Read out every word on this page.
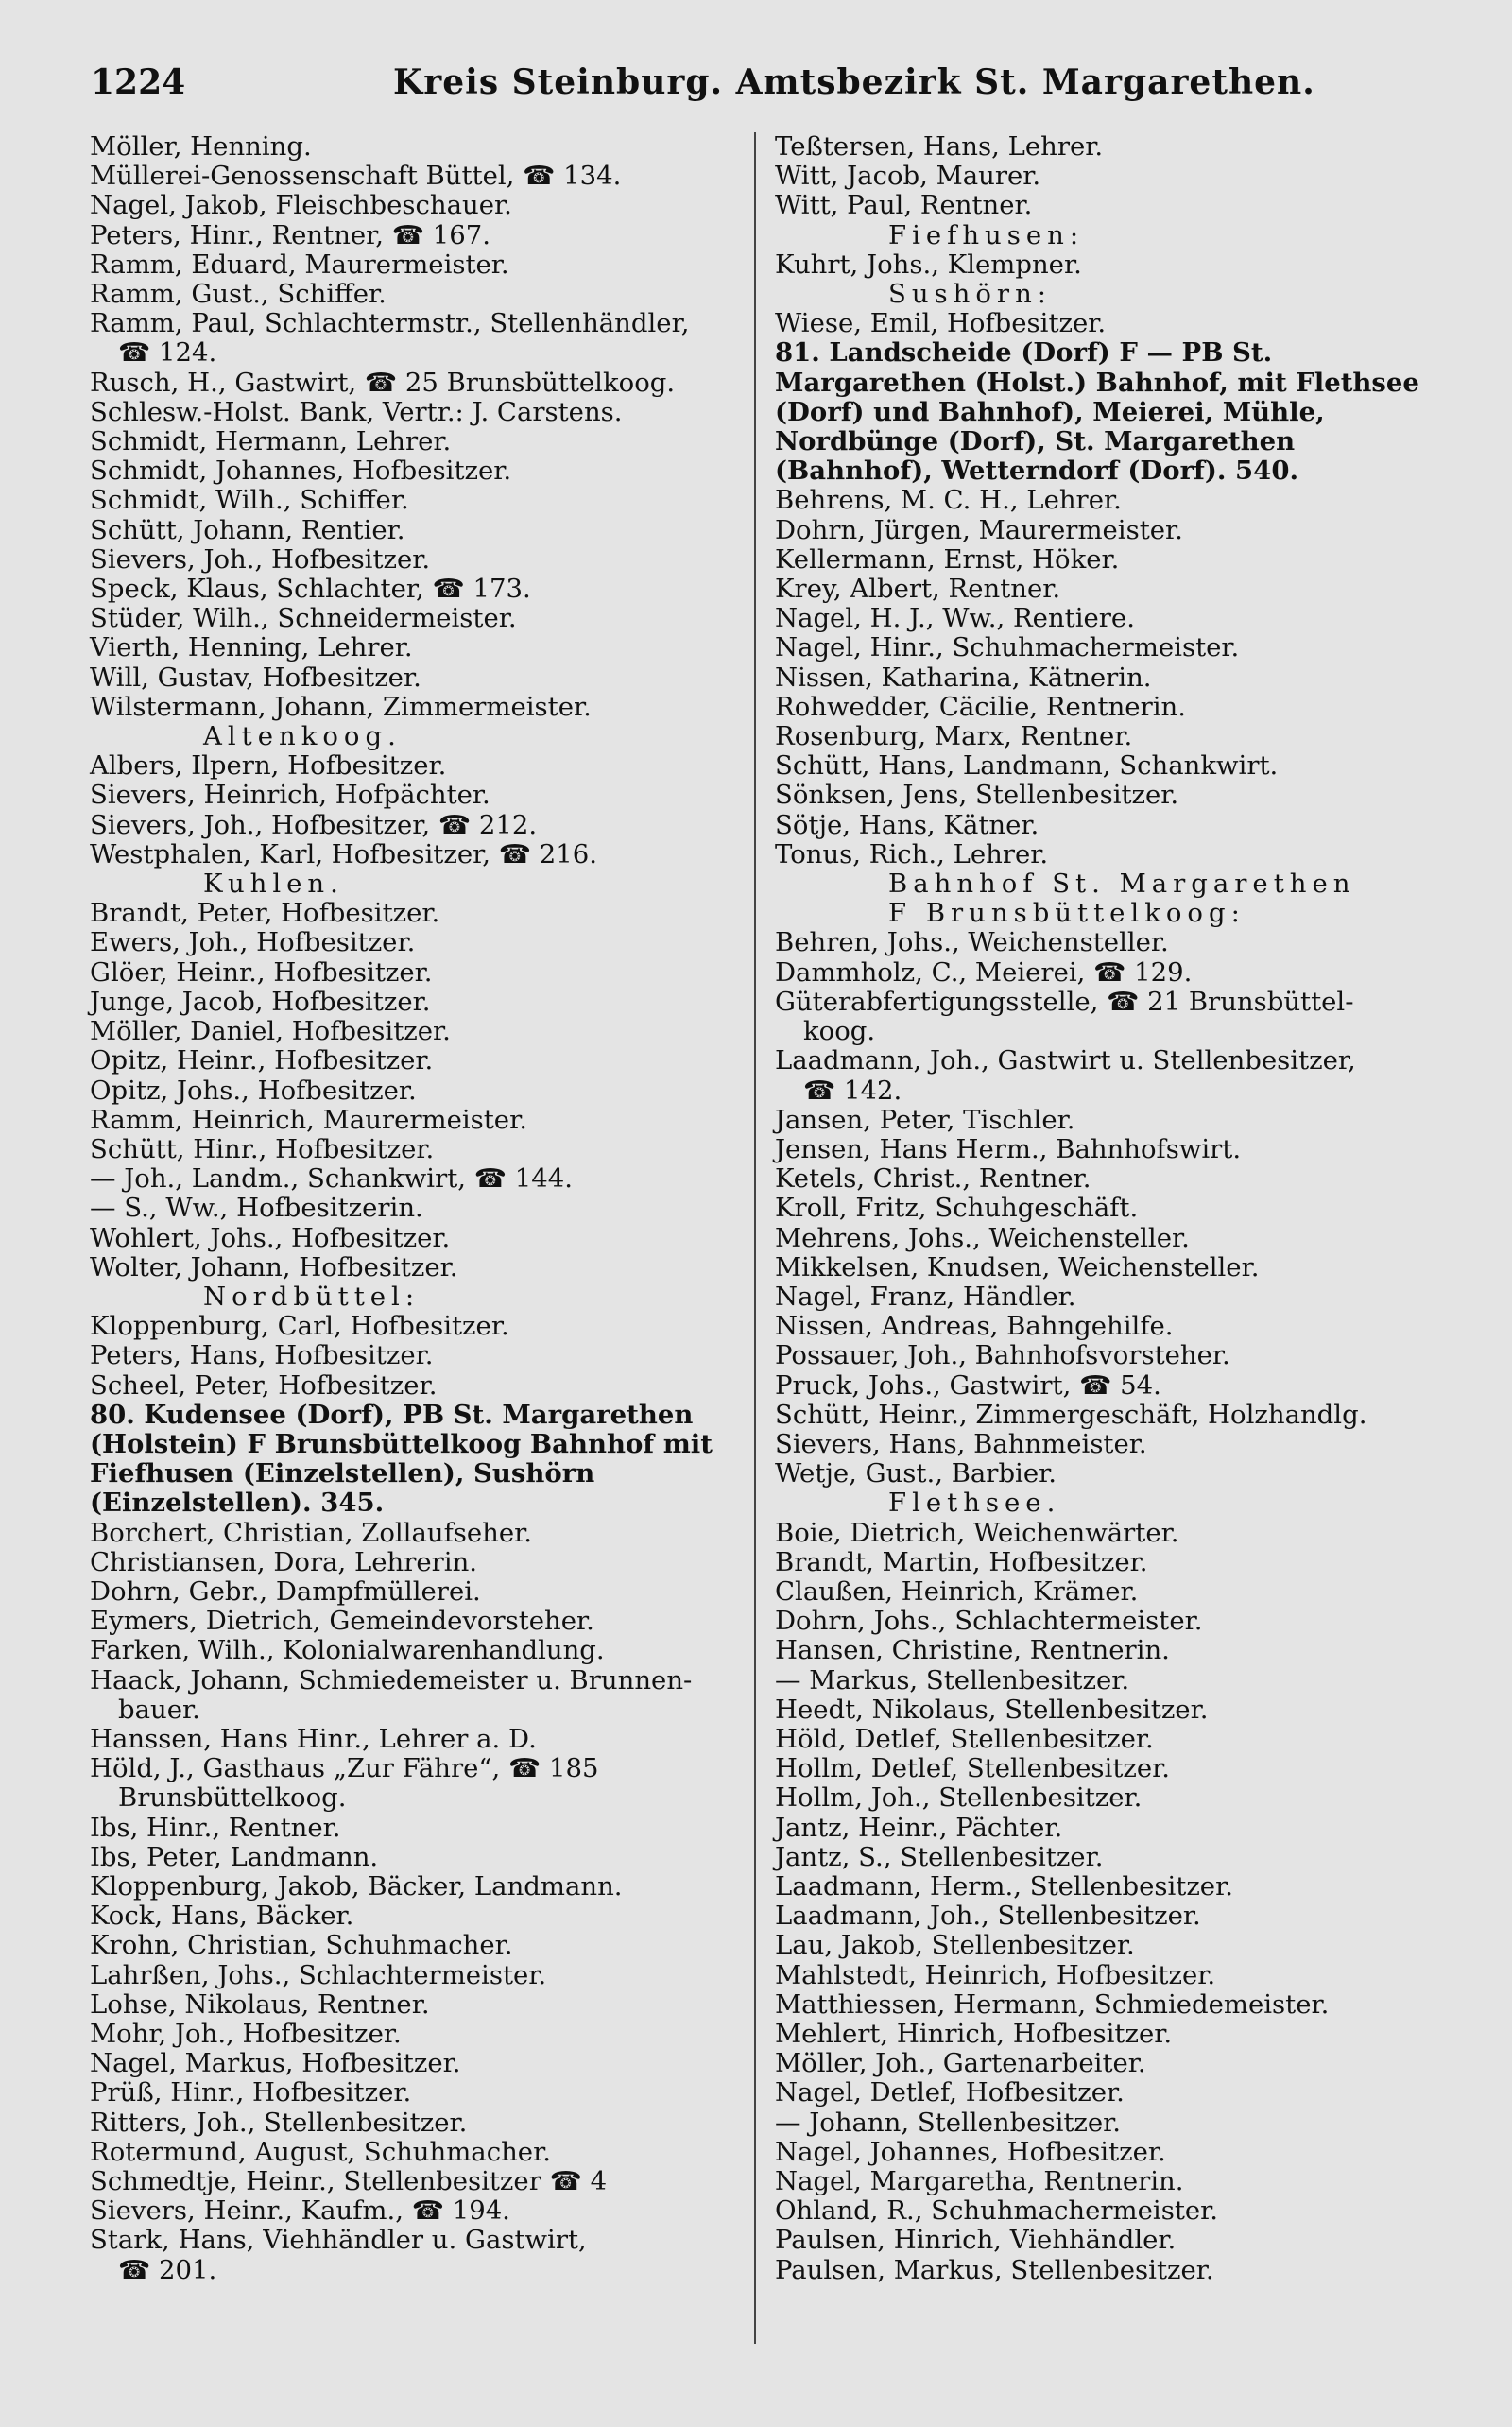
1224	Kreis Steinburg. Amtsbezirk St. Margarethen.

Möller, Henning.

Müllerei-Genossenschaft Büttel, ☎ 134.

Nagel, Jakob, Fleischbeschauer.

Peters, Hinr., Rentner, ☎ 167.

Ramm, Eduard, Maurermeister.

Ramm, Gust., Schiffer.

Ramm, Paul, Schlachtermstr., Stellenhändler,

☎ 124.

Rusch, H., Gastwirt, ☎ 25 Brunsbüttelkoog.

Schlesw.-Holst. Bank, Vertr.: J. Carstens.

Schmidt, Hermann, Lehrer.

Schmidt, Johannes, Hofbesitzer.

Schmidt, Wilh., Schiffer.

Schütt, Johann, Rentier.

Sievers, Joh., Hofbesitzer.

Speck, Klaus, Schlachter, ☎ 173.

Stüder, Wilh., Schneidermeister.

Vierth, Henning, Lehrer.

Will, Gustav, Hofbesitzer.

Wilstermann, Johann, Zimmermeister.

Altenkoog.

Albers, Ilpern, Hofbesitzer.

Sievers, Heinrich, Hofpächter.

Sievers, Joh., Hofbesitzer, ☎ 212.

Westphalen, Karl, Hofbesitzer, ☎ 216.

Kuhlen.

Brandt, Peter, Hofbesitzer.

Ewers, Joh., Hofbesitzer.

Glöer, Heinr., Hofbesitzer.

Junge, Jacob, Hofbesitzer.

Möller, Daniel, Hofbesitzer.

Opitz, Heinr., Hofbesitzer.

Opitz, Johs., Hofbesitzer.

Ramm, Heinrich, Maurermeister.

Schütt, Hinr., Hofbesitzer.

— Joh., Landm., Schankwirt, ☎ 144.

— S., Ww., Hofbesitzerin.

Wohlert, Johs., Hofbesitzer.

Wolter, Johann, Hofbesitzer.

Nordbüttel:

Kloppenburg, Carl, Hofbesitzer.

Peters, Hans, Hofbesitzer.

Scheel, Peter, Hofbesitzer.

80. Kudensee (Dorf), PB St. Margarethen (Holstein) F Brunsbüttelkoog Bahnhof mit Fiefhusen (Einzelstellen), Sushörn (Einzelstellen). 345.

Borchert, Christian, Zollaufseher.

Christiansen, Dora, Lehrerin.

Dohrn, Gebr., Dampfmüllerei.

Eymers, Dietrich, Gemeindevorsteher.

Farken, Wilh., Kolonialwarenhandlung.

Haack, Johann, Schmiedemeister u. Brunnen-

bauer.

Hanssen, Hans Hinr., Lehrer a. D.

Höld, J., Gasthaus „Zur Fähre“, ☎ 185

Brunsbüttelkoog.

Ibs, Hinr., Rentner.

Ibs, Peter, Landmann.

Kloppenburg, Jakob, Bäcker, Landmann.

Kock, Hans, Bäcker.

Krohn, Christian, Schuhmacher.

Lahrßen, Johs., Schlachtermeister.

Lohse, Nikolaus, Rentner.

Mohr, Joh., Hofbesitzer.

Nagel, Markus, Hofbesitzer.

Prüß, Hinr., Hofbesitzer.

Ritters, Joh., Stellenbesitzer.

Rotermund, August, Schuhmacher.

Schmedtje, Heinr., Stellenbesitzer ☎ 4

Sievers, Heinr., Kaufm., ☎ 194.

Stark, Hans, Viehhändler u. Gastwirt,

☎ 201.

Teßtersen, Hans, Lehrer.

Witt, Jacob, Maurer.

Witt, Paul, Rentner.

Fiefhusen:

Kuhrt, Johs., Klempner.

Sushörn:

Wiese, Emil, Hofbesitzer.

81. Landscheide (Dorf) F — PB St. Margarethen (Holst.) Bahnhof, mit Flethsee (Dorf) und Bahnhof), Meierei, Mühle, Nordbünge (Dorf), St. Margarethen (Bahnhof), Wetterndorf (Dorf). 540.

Behrens, M. C. H., Lehrer.

Dohrn, Jürgen, Maurermeister.

Kellermann, Ernst, Höker.

Krey, Albert, Rentner.

Nagel, H. J., Ww., Rentiere.

Nagel, Hinr., Schuhmachermeister.

Nissen, Katharina, Kätnerin.

Rohwedder, Cäcilie, Rentnerin.

Rosenburg, Marx, Rentner.

Schütt, Hans, Landmann, Schankwirt.

Sönksen, Jens, Stellenbesitzer.

Sötje, Hans, Kätner.

Tonus, Rich., Lehrer.

Bahnhof St. Margarethen

F Brunsbüttelkoog:

Behren, Johs., Weichensteller.

Dammholz, C., Meierei, ☎ 129.

Güterabfertigungsstelle, ☎ 21 Brunsbüttel-

koog.

Laadmann, Joh., Gastwirt u. Stellenbesitzer,

☎ 142.

Jansen, Peter, Tischler.

Jensen, Hans Herm., Bahnhofswirt.

Ketels, Christ., Rentner.

Kroll, Fritz, Schuhgeschäft.

Mehrens, Johs., Weichensteller.

Mikkelsen, Knudsen, Weichensteller.

Nagel, Franz, Händler.

Nissen, Andreas, Bahngehilfe.

Possauer, Joh., Bahnhofsvorsteher.

Pruck, Johs., Gastwirt, ☎ 54.

Schütt, Heinr., Zimmergeschäft, Holzhandlg.

Sievers, Hans, Bahnmeister.

Wetje, Gust., Barbier.

Flethsee.

Boie, Dietrich, Weichenwärter.

Brandt, Martin, Hofbesitzer.

Claußen, Heinrich, Krämer.

Dohrn, Johs., Schlachtermeister.

Hansen, Christine, Rentnerin.

— Markus, Stellenbesitzer.

Heedt, Nikolaus, Stellenbesitzer.

Höld, Detlef, Stellenbesitzer.

Hollm, Detlef, Stellenbesitzer.

Hollm, Joh., Stellenbesitzer.

Jantz, Heinr., Pächter.

Jantz, S., Stellenbesitzer.

Laadmann, Herm., Stellenbesitzer.

Laadmann, Joh., Stellenbesitzer.

Lau, Jakob, Stellenbesitzer.

Mahlstedt, Heinrich, Hofbesitzer.

Matthiessen, Hermann, Schmiedemeister.

Mehlert, Hinrich, Hofbesitzer.

Möller, Joh., Gartenarbeiter.

Nagel, Detlef, Hofbesitzer.

— Johann, Stellenbesitzer.

Nagel, Johannes, Hofbesitzer.

Nagel, Margaretha, Rentnerin.

Ohland, R., Schuhmachermeister.

Paulsen, Hinrich, Viehhändler.

Paulsen, Markus, Stellenbesitzer.
